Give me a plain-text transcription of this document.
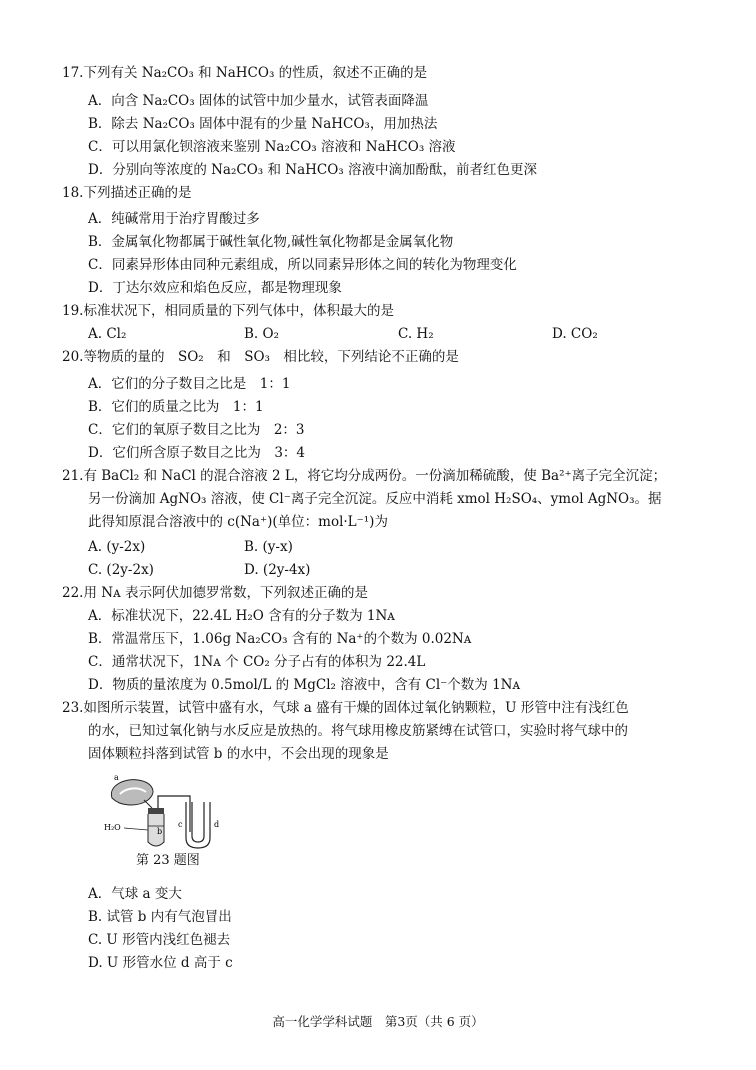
17.下列有关 Na₂CO₃ 和 NaHCO₃ 的性质，叙述不正确的是
A．向含 Na₂CO₃ 固体的试管中加少量水，试管表面降温
B．除去 Na₂CO₃ 固体中混有的少量 NaHCO₃，用加热法
C．可以用氯化钡溶液来鉴别 Na₂CO₃ 溶液和 NaHCO₃ 溶液
D．分别向等浓度的 Na₂CO₃ 和 NaHCO₃ 溶液中滴加酚酞，前者红色更深
18.下列描述正确的是
A．纯碱常用于治疗胃酸过多
B．金属氧化物都属于碱性氧化物,碱性氧化物都是金属氧化物
C．同素异形体由同种元素组成，所以同素异形体之间的转化为物理变化
D．丁达尔效应和焰色反应，都是物理现象
19.标准状况下，相同质量的下列气体中，体积最大的是
A. Cl₂	B. O₂	C. H₂	D. CO₂
20.等物质的量的　SO₂　和　SO₃　相比较，下列结论不正确的是
A．它们的分子数目之比是　1：1
B．它们的质量之比为　1：1
C．它们的氧原子数目之比为　2：3
D．它们所含原子数目之比为　3：4
21.有 BaCl₂ 和 NaCl 的混合溶液 2 L，将它均分成两份。一份滴加稀硫酸，使 Ba²⁺离子完全沉淀；
另一份滴加 AgNO₃ 溶液，使 Cl⁻离子完全沉淀。反应中消耗 xmol H₂SO₄、ymol AgNO₃。据
此得知原混合溶液中的 c(Na⁺)(单位：mol·L⁻¹)为
A. (y-2x)	B. (y-x)
C. (2y-2x)	D. (2y-4x)
22.用 Nᴀ 表示阿伏加德罗常数，下列叙述正确的是
A．标准状况下，22.4L H₂O 含有的分子数为 1Nᴀ
B．常温常压下，1.06g Na₂CO₃ 含有的 Na⁺的个数为 0.02Nᴀ
C．通常状况下，1Nᴀ 个 CO₂ 分子占有的体积为 22.4L
D．物质的量浓度为 0.5mol/L 的 MgCl₂ 溶液中，含有 Cl⁻个数为 1Nᴀ
23.如图所示装置，试管中盛有水，气球 a 盛有干燥的固体过氧化钠颗粒，U 形管中注有浅红色
的水，已知过氧化钠与水反应是放热的。将气球用橡皮筋紧缚在试管口，实验时将气球中的
固体颗粒抖落到试管 b 的水中，不会出现的现象是
a
b
H₂O	c	d
第 23 题图
A．气球 a 变大
B. 试管 b 内有气泡冒出
C. U 形管内浅红色褪去
D. U 形管水位 d 高于 c
高一化学学科试题　第3页（共 6 页）
